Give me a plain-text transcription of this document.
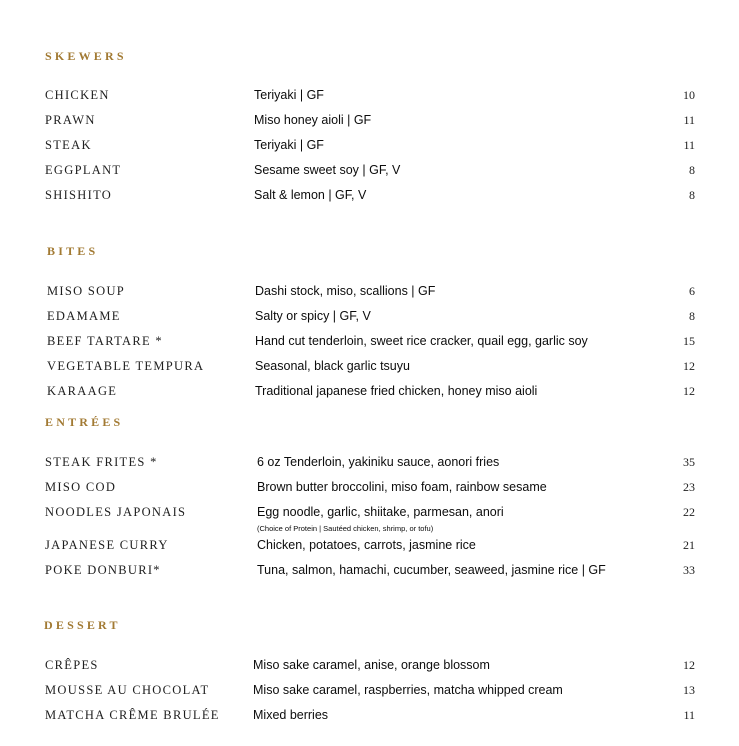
SKEWERS
CHICKEN	Teriyaki | GF	10
PRAWN	Miso honey aioli | GF	11
STEAK	Teriyaki | GF	11
EGGPLANT	Sesame sweet soy | GF, V	8
SHISHITO	Salt & lemon | GF, V	8
BITES
MISO SOUP	Dashi stock, miso, scallions | GF	6
EDAMAME	Salty or spicy | GF, V	8
BEEF TARTARE *	Hand cut tenderloin, sweet rice cracker, quail egg, garlic soy	15
VEGETABLE TEMPURA	Seasonal, black garlic tsuyu	12
KARAAGE	Traditional japanese fried chicken, honey miso aioli	12
ENTRÉES
STEAK FRITES *	6 oz Tenderloin, yakiniku sauce, aonori fries	35
MISO COD	Brown butter broccolini, miso foam, rainbow sesame	23
NOODLES JAPONAIS	Egg noodle, garlic, shiitake, parmesan, anori	22
(Choice of Protein | Sautéed chicken, shrimp, or tofu)
JAPANESE CURRY	Chicken, potatoes, carrots, jasmine rice	21
POKE DONBURI*	Tuna, salmon, hamachi, cucumber, seaweed, jasmine rice | GF	33
DESSERT
CRÊPES	Miso sake caramel, anise, orange blossom	12
MOUSSE AU CHOCOLAT	Miso sake caramel, raspberries, matcha whipped cream	13
MATCHA CRÊME BRULÉE	Mixed berries	11
